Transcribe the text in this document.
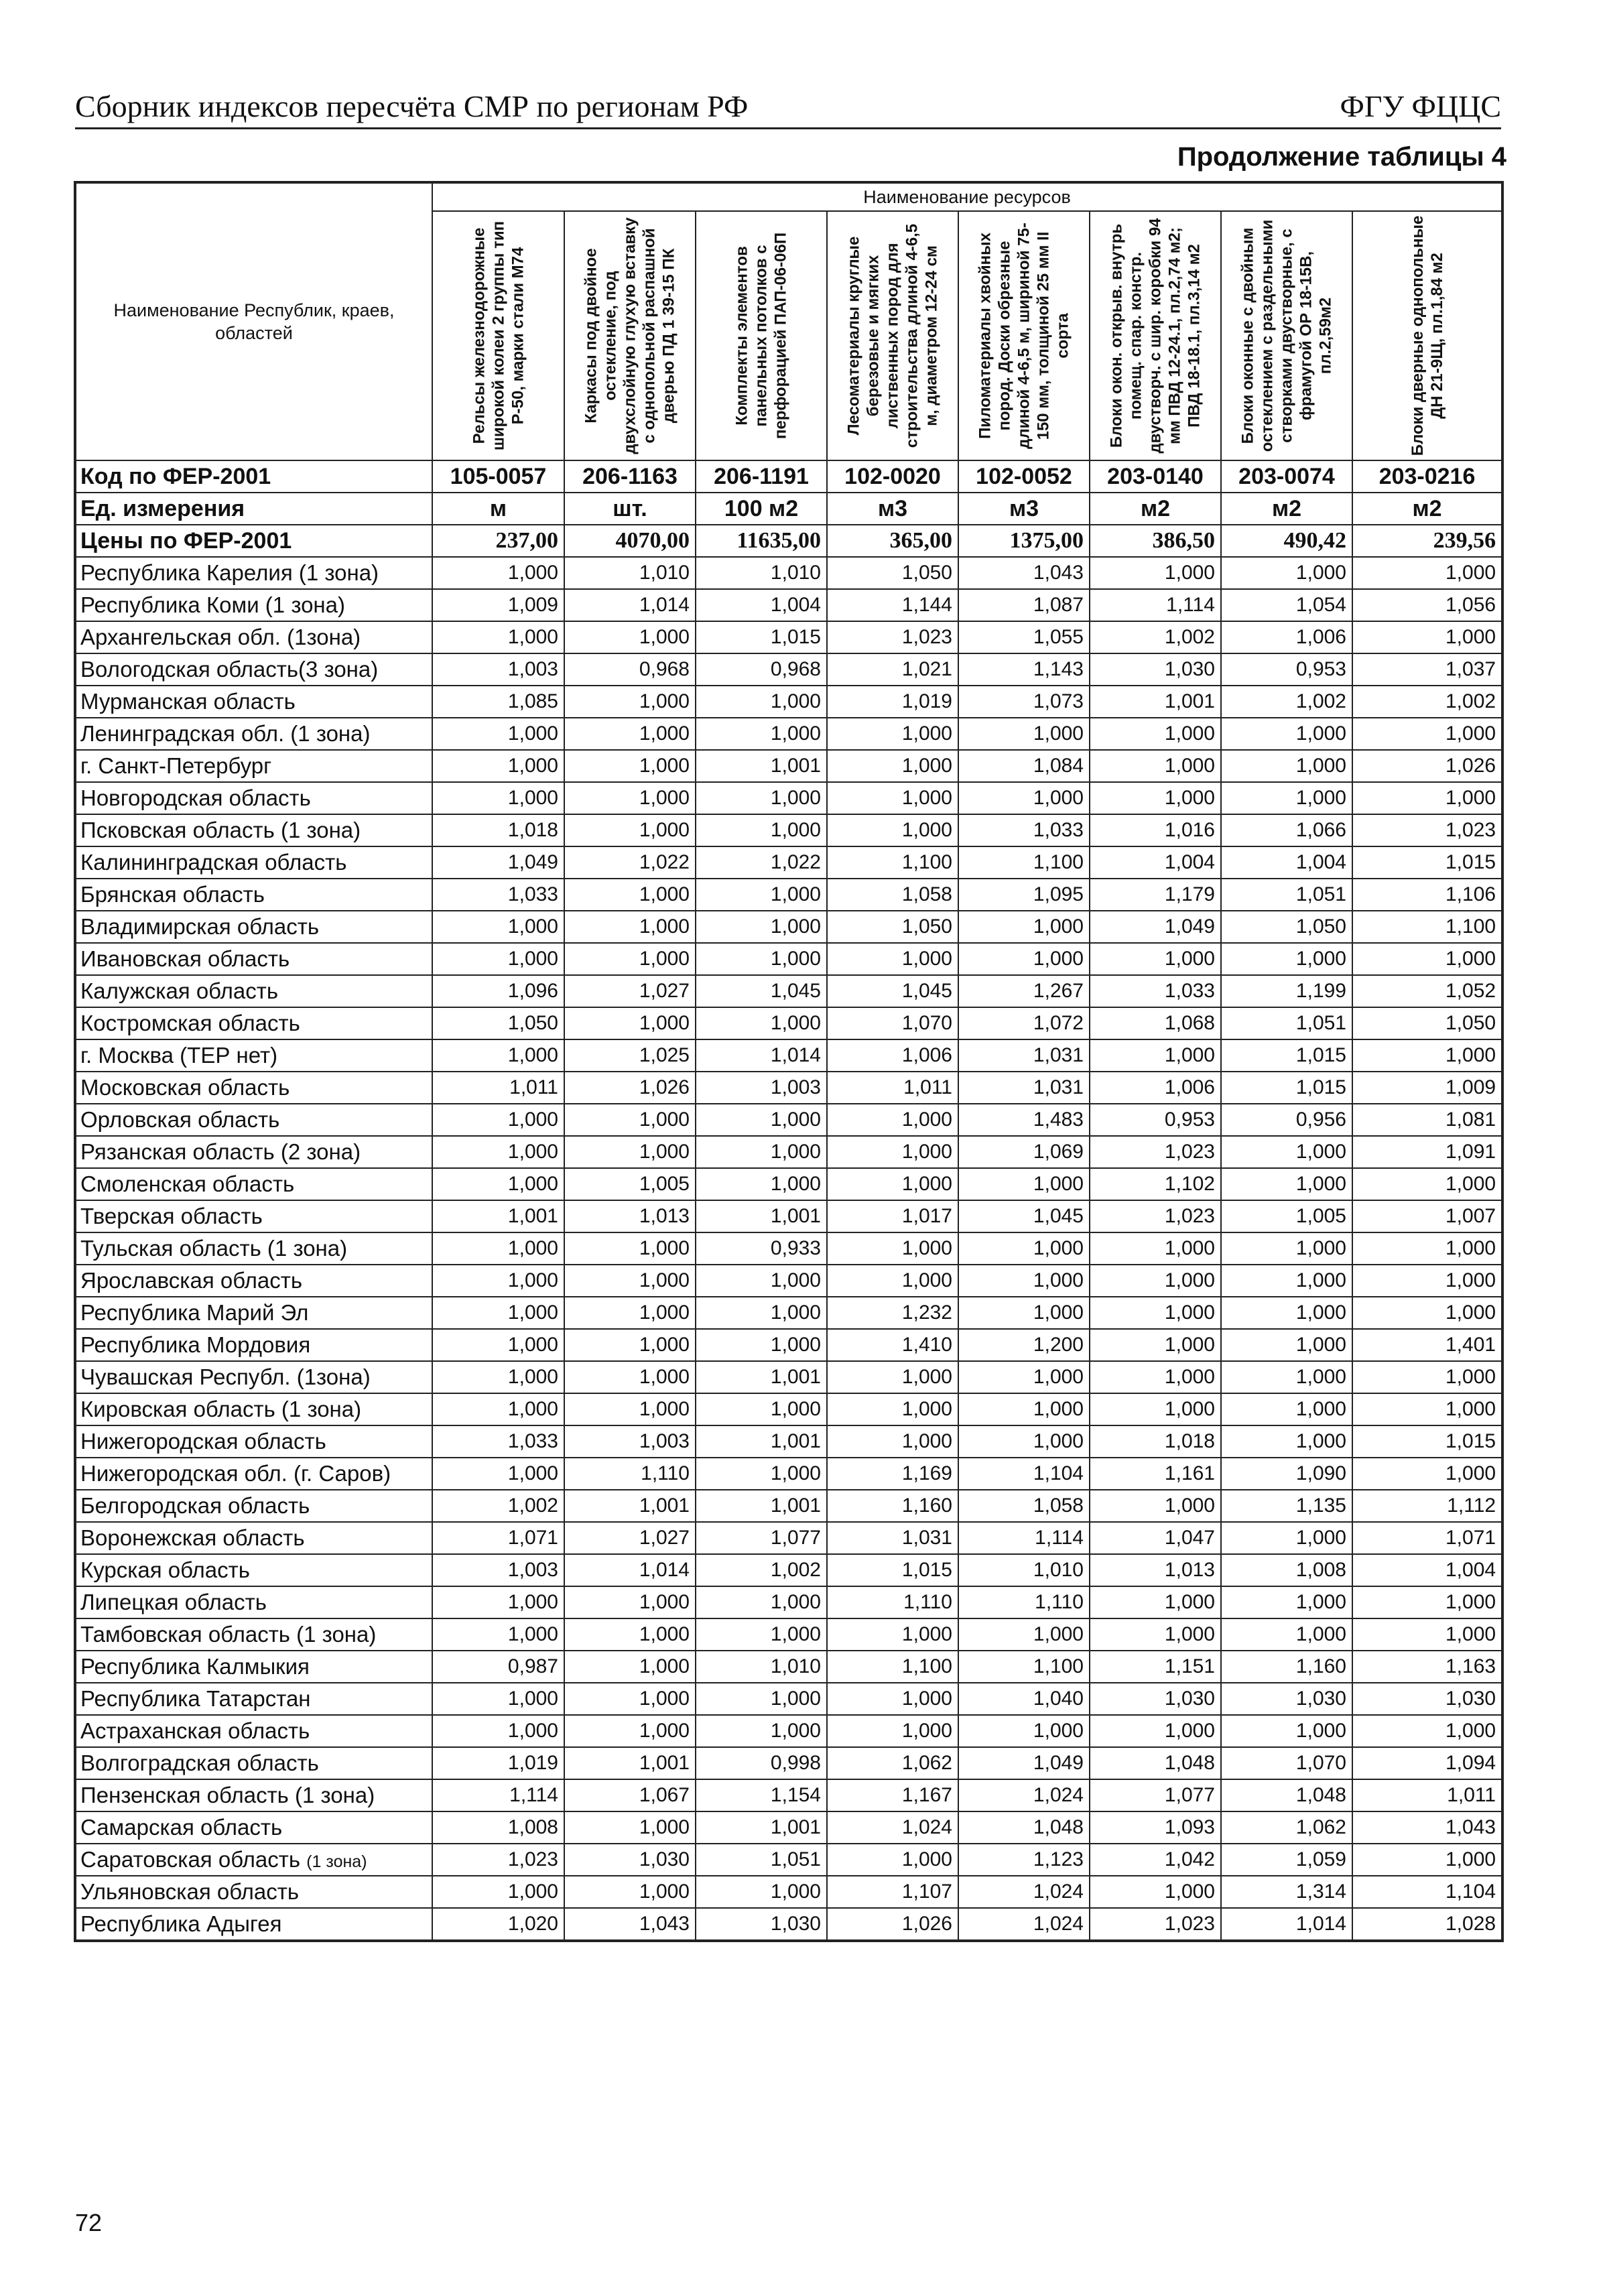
Сборник индексов пересчёта СМР по регионам РФ	ФГУ ФЦЦС
Продолжение таблицы 4
Наименование Республик, краев, областей	Наименование ресурсов							

	Рельсы железнодорожные широкой колеи 2 группы тип Р-50, марки стали М74	Каркасы под двойное остекление, под двухслойную глухую вставку с однопольной распашной дверью ПД 1 39-15 ПК	Комплекты элементов панельных потолков с перфорацией ПАП-06-06П	Лесоматериалы круглые березовые и мягких лиственных пород для строительства длиной 4-6,5 м, диаметром 12-24 см	Пиломатериалы хвойных пород. Доски обрезные длиной 4-6,5 м, шириной 75-150 мм, толщиной 25 мм II сорта	Блоки окон. открыв. внутрь помещ. спар. констр. двустворч. с шир. коробки 94 мм ПВД 12-24.1, пл.2,74 м2; ПВД 18-18.1, пл.3,14 м2	Блоки оконные с двойным остеклением с раздельными створками двустворные, с фрамугой ОР 18-15В, пл.2,59м2	Блоки дверные однопольные ДН 21-9Щ, пл.1,84 м2

Код по ФЕР-2001	105-0057	206-1163	206-1191	102-0020	102-0052	203-0140	203-0074	203-0216
Ед. измерения	м	шт.	100 м2	м3	м3	м2	м2	м2
Цены по ФЕР-2001	237,00	4070,00	11635,00	365,00	1375,00	386,50	490,42	239,56
Республика Карелия (1 зона)	1,000	1,010	1,010	1,050	1,043	1,000	1,000	1,000
Республика Коми (1 зона)	1,009	1,014	1,004	1,144	1,087	1,114	1,054	1,056
Архангельская обл. (1зона)	1,000	1,000	1,015	1,023	1,055	1,002	1,006	1,000
Вологодская область(3 зона)	1,003	0,968	0,968	1,021	1,143	1,030	0,953	1,037
Мурманская область	1,085	1,000	1,000	1,019	1,073	1,001	1,002	1,002
Ленинградская обл. (1 зона)	1,000	1,000	1,000	1,000	1,000	1,000	1,000	1,000
г. Санкт-Петербург	1,000	1,000	1,001	1,000	1,084	1,000	1,000	1,026
Новгородская область	1,000	1,000	1,000	1,000	1,000	1,000	1,000	1,000
Псковская область (1 зона)	1,018	1,000	1,000	1,000	1,033	1,016	1,066	1,023
Калининградская область	1,049	1,022	1,022	1,100	1,100	1,004	1,004	1,015
Брянская область	1,033	1,000	1,000	1,058	1,095	1,179	1,051	1,106
Владимирская область	1,000	1,000	1,000	1,050	1,000	1,049	1,050	1,100
Ивановская область	1,000	1,000	1,000	1,000	1,000	1,000	1,000	1,000
Калужская область	1,096	1,027	1,045	1,045	1,267	1,033	1,199	1,052
Костромская область	1,050	1,000	1,000	1,070	1,072	1,068	1,051	1,050
г. Москва (ТЕР нет)	1,000	1,025	1,014	1,006	1,031	1,000	1,015	1,000
Московская область	1,011	1,026	1,003	1,011	1,031	1,006	1,015	1,009
Орловская область	1,000	1,000	1,000	1,000	1,483	0,953	0,956	1,081
Рязанская область (2 зона)	1,000	1,000	1,000	1,000	1,069	1,023	1,000	1,091
Смоленская область	1,000	1,005	1,000	1,000	1,000	1,102	1,000	1,000
Тверская область	1,001	1,013	1,001	1,017	1,045	1,023	1,005	1,007
Тульская область (1 зона)	1,000	1,000	0,933	1,000	1,000	1,000	1,000	1,000
Ярославская область	1,000	1,000	1,000	1,000	1,000	1,000	1,000	1,000
Республика Марий Эл	1,000	1,000	1,000	1,232	1,000	1,000	1,000	1,000
Республика Мордовия	1,000	1,000	1,000	1,410	1,200	1,000	1,000	1,401
Чувашская Республ. (1зона)	1,000	1,000	1,001	1,000	1,000	1,000	1,000	1,000
Кировская область (1 зона)	1,000	1,000	1,000	1,000	1,000	1,000	1,000	1,000
Нижегородская область	1,033	1,003	1,001	1,000	1,000	1,018	1,000	1,015
Нижегородская обл. (г. Саров)	1,000	1,110	1,000	1,169	1,104	1,161	1,090	1,000
Белгородская область	1,002	1,001	1,001	1,160	1,058	1,000	1,135	1,112
Воронежская область	1,071	1,027	1,077	1,031	1,114	1,047	1,000	1,071
Курская область	1,003	1,014	1,002	1,015	1,010	1,013	1,008	1,004
Липецкая область	1,000	1,000	1,000	1,110	1,110	1,000	1,000	1,000
Тамбовская область (1 зона)	1,000	1,000	1,000	1,000	1,000	1,000	1,000	1,000
Республика Калмыкия	0,987	1,000	1,010	1,100	1,100	1,151	1,160	1,163
Республика Татарстан	1,000	1,000	1,000	1,000	1,040	1,030	1,030	1,030
Астраханская область	1,000	1,000	1,000	1,000	1,000	1,000	1,000	1,000
Волгоградская область	1,019	1,001	0,998	1,062	1,049	1,048	1,070	1,094
Пензенская область (1 зона)	1,114	1,067	1,154	1,167	1,024	1,077	1,048	1,011
Самарская область	1,008	1,000	1,001	1,024	1,048	1,093	1,062	1,043
Саратовская область (1 зона)	1,023	1,030	1,051	1,000	1,123	1,042	1,059	1,000
Ульяновская область	1,000	1,000	1,000	1,107	1,024	1,000	1,314	1,104
Республика Адыгея	1,020	1,043	1,030	1,026	1,024	1,023	1,014	1,028
72
